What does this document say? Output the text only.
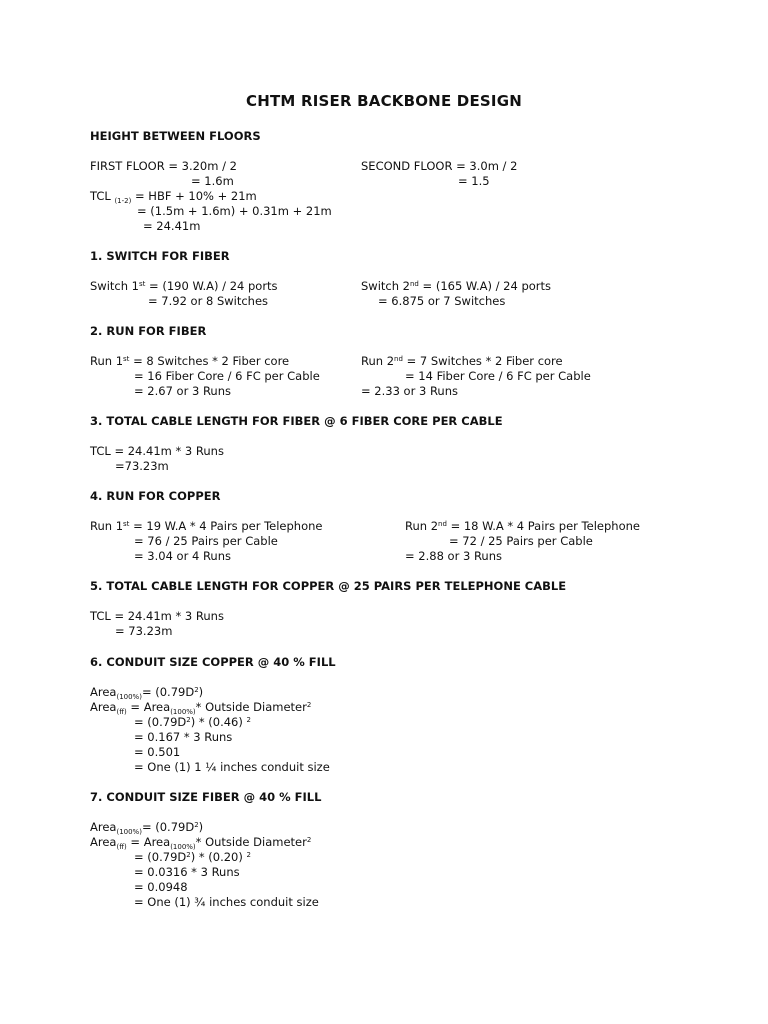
CHTM RISER BACKBONE DESIGN
HEIGHT BETWEEN FLOORS
FIRST FLOOR = 3.20m / 2
= 1.6m
SECOND FLOOR = 3.0m / 2
= 1.5
TCL $_{(1-2)}$ = HBF + 10% + 21m
= (1.5m + 1.6m) + 0.31m + 21m
= 24.41m
1. SWITCH FOR FIBER
Switch 1st = (190 W.A) / 24 ports
= 7.92 or 8 Switches
Switch 2nd = (165 W.A) / 24 ports
= 6.875 or 7 Switches
2. RUN FOR FIBER
Run 1st = 8 Switches * 2 Fiber core
= 16 Fiber Core / 6 FC per Cable
= 2.67 or 3 Runs
Run 2nd = 7 Switches * 2 Fiber core
= 14 Fiber Core / 6 FC per Cable
= 2.33 or 3 Runs
3. TOTAL CABLE LENGTH FOR FIBER @ 6 FIBER CORE PER CABLE
TCL = 24.41m * 3 Runs
=73.23m
4. RUN FOR COPPER
Run 1st = 19 W.A * 4 Pairs per Telephone
= 76 / 25 Pairs per Cable
= 3.04 or 4 Runs
Run 2nd = 18 W.A * 4 Pairs per Telephone
= 72 / 25 Pairs per Cable
= 2.88 or 3 Runs
5. TOTAL CABLE LENGTH FOR COPPER @ 25 PAIRS PER TELEPHONE CABLE
TCL = 24.41m * 3 Runs
= 73.23m
6. CONDUIT SIZE COPPER @ 40 % FILL
Area$_{(100\%)}$= $(0.79D^2)$
Area$_{(ff)}$ = Area$_{(100\%)}$* Outside Diameter$^2$
= $(0.79D^2) * (0.46)$ $^2$
= 0.167 * 3 Runs
= 0.501
= One (1) 1 ¼ inches conduit size
7. CONDUIT SIZE FIBER @ 40 % FILL
Area$_{(100\%)}$= $(0.79D^2)$
Area$_{(ff)}$ = Area$_{(100\%)}$* Outside Diameter$^2$
= $(0.79D^2) * (0.20)$ $^2$
= 0.0316 * 3 Runs
= 0.0948
= One (1) ¾ inches conduit size
